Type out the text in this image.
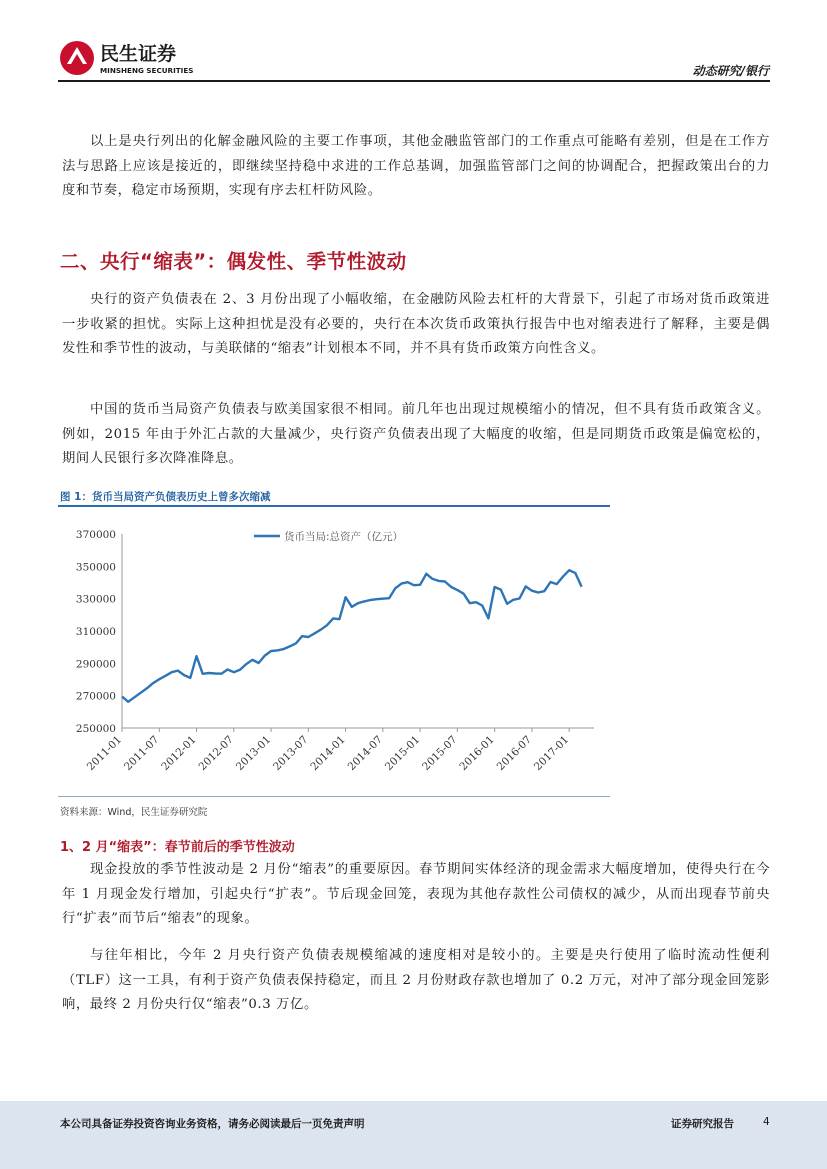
民生证券
MINSHENG SECURITIES	动态研究/银行

以上是央行列出的化解金融风险的主要工作事项，其他金融监管部门的工作重点可能略有差别，但是在工作方法与思路上应该是接近的，即继续坚持稳中求进的工作总基调，加强监管部门之间的协调配合，把握政策出台的力度和节奏，稳定市场预期，实现有序去杠杆防风险。

二、央行“缩表”：偶发性、季节性波动

央行的资产负债表在 2、3 月份出现了小幅收缩，在金融防风险去杠杆的大背景下，引起了市场对货币政策进一步收紧的担忧。实际上这种担忧是没有必要的，央行在本次货币政策执行报告中也对缩表进行了解释，主要是偶发性和季节性的波动，与美联储的“缩表”计划根本不同，并不具有货币政策方向性含义。

中国的货币当局资产负债表与欧美国家很不相同。前几年也出现过规模缩小的情况，但不具有货币政策含义。例如，2015 年由于外汇占款的大量减少，央行资产负债表出现了大幅度的收缩，但是同期货币政策是偏宽松的，期间人民银行多次降准降息。

图 1：货币当局资产负债表历史上曾多次缩减
250000
270000
290000
310000
330000
350000
370000
2011-01
2011-07
2012-01
2012-07
2013-01
2013-07
2014-01
2014-07
2015-01
2015-07
2016-01
2016-07
2017-01
货币当局:总资产（亿元）
资料来源：Wind，民生证券研究院
1、2 月“缩表”：春节前后的季节性波动

现金投放的季节性波动是 2 月份“缩表”的重要原因。春节期间实体经济的现金需求大幅度增加，使得央行在今年 1 月现金发行增加，引起央行“扩表”。节后现金回笼，表现为其他存款性公司债权的减少，从而出现春节前央行“扩表”而节后“缩表”的现象。

与往年相比，今年 2 月央行资产负债表规模缩减的速度相对是较小的。主要是央行使用了临时流动性便利（TLF）这一工具，有利于资产负债表保持稳定，而且 2 月份财政存款也增加了 0.2 万元，对冲了部分现金回笼影响，最终 2 月份央行仅“缩表”0.3 万亿。

本公司具备证券投资咨询业务资格，请务必阅读最后一页免责声明	证券研究报告	4
